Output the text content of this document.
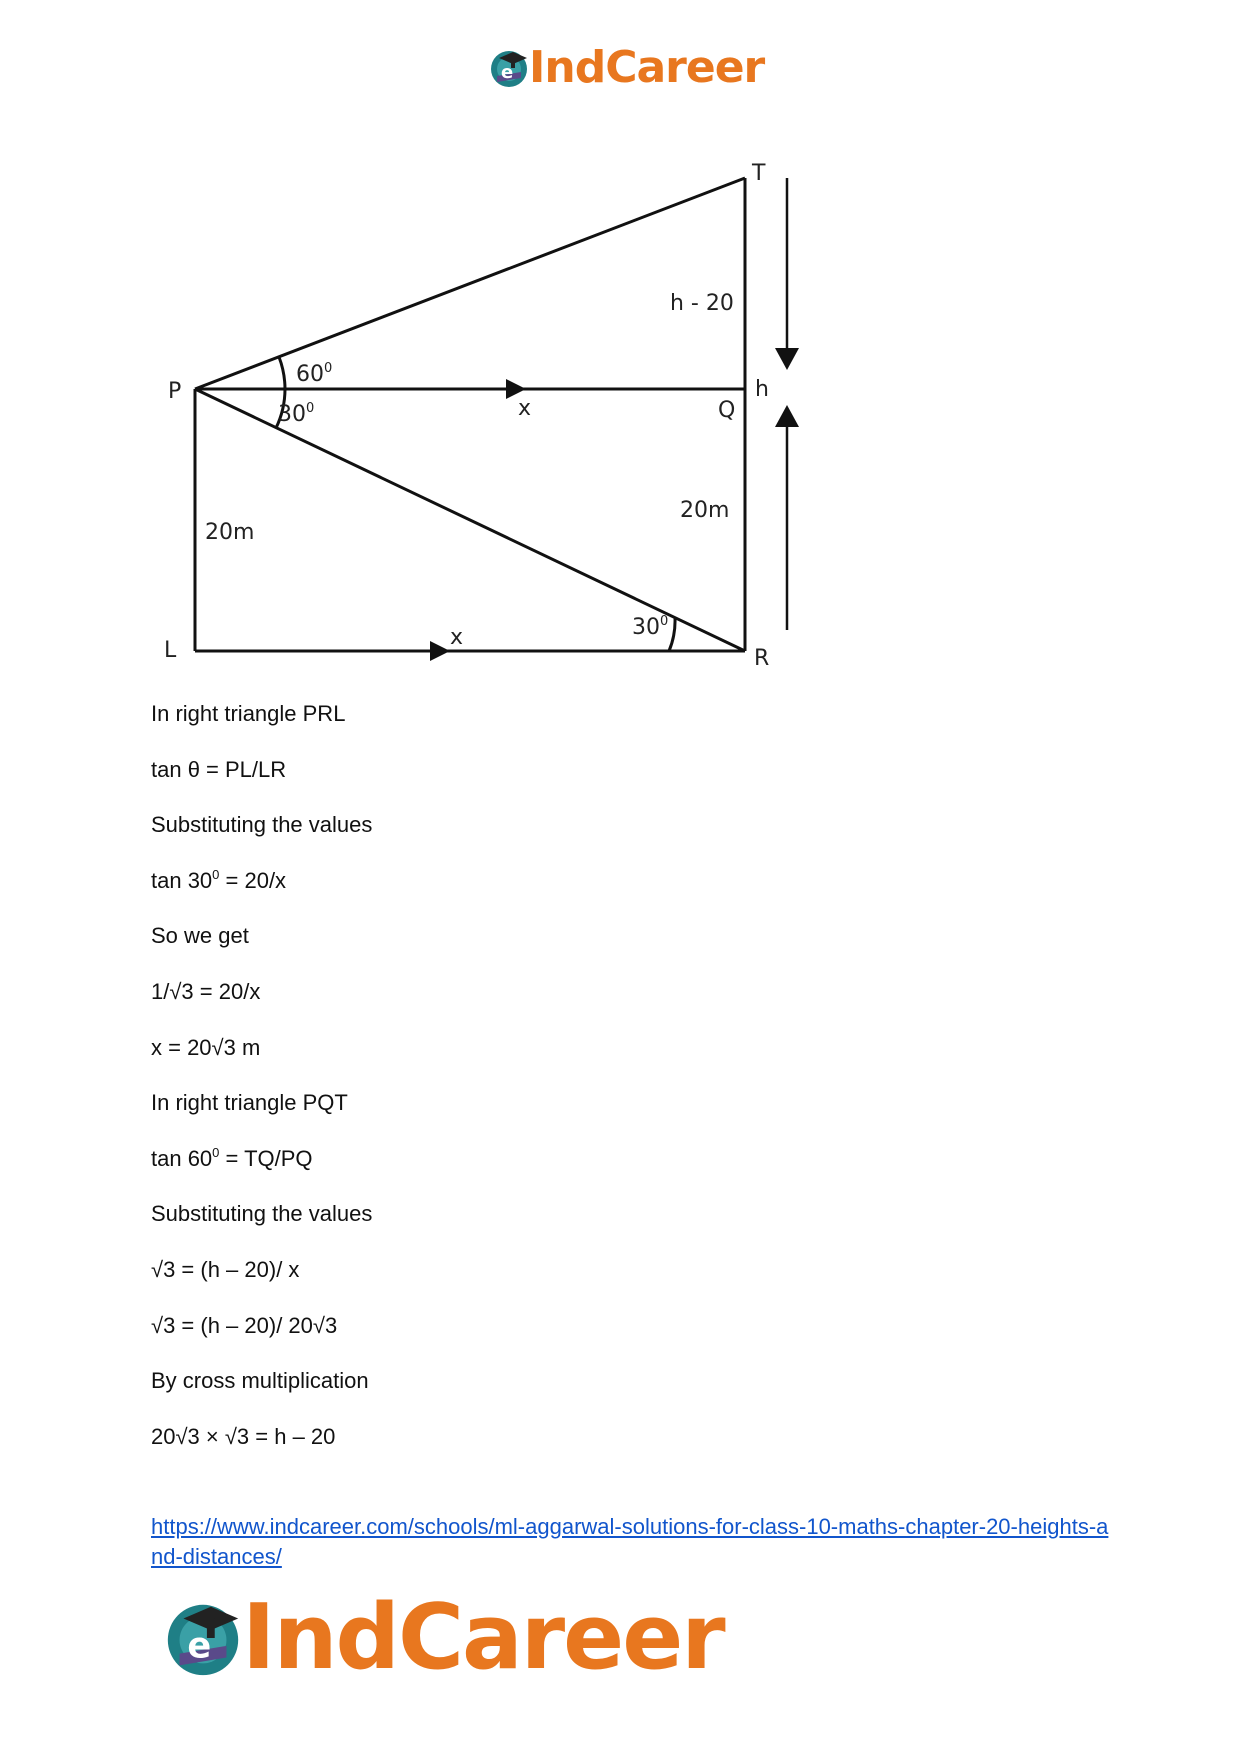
e IndCareer
T
P
Q
h
L	R
h - 20
x
x
20m
20m
$60^0$
$30^0$
$30^0$
In right triangle PRL
tan θ = PL/LR
Substituting the values
$\tan 30^0 = 20/x$
So we get
1/√3 = 20/x
x = 20√3 m
In right triangle PQT
$\tan 60^0 = TQ/PQ$
Substituting the values
√3 = (h – 20)/ x
√3 = (h – 20)/ 20√3
By cross multiplication
20√3 × √3 = h – 20
https://www.indcareer.com/schools/ml-aggarwal-solutions-for-class-10-maths-chapter-20-heights-and-distances/
e IndCareer
